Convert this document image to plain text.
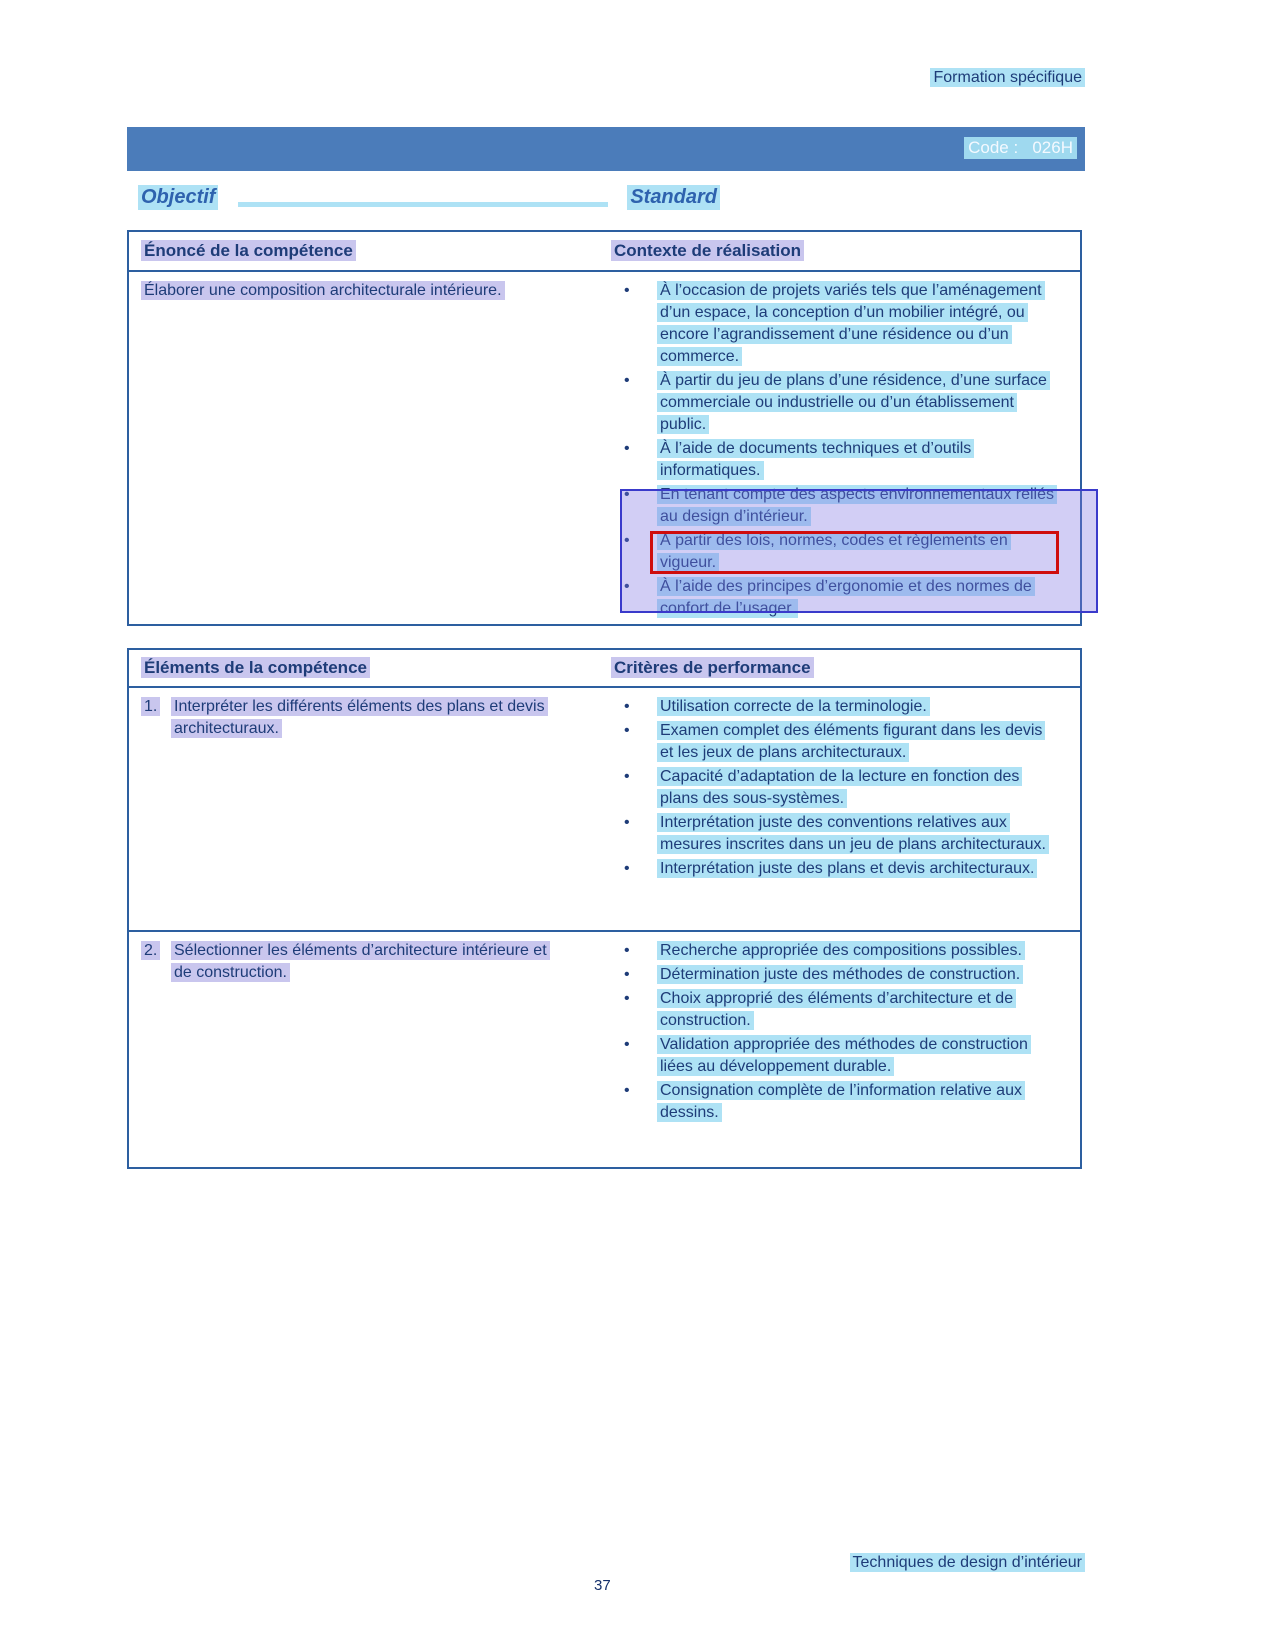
Formation spécifique
Code :   026H
Objectif	Standard
Énoncé de la compétence	Contexte de réalisation
Élaborer une composition architecturale intérieure.	•	À l’occasion de projets variés tels que l’aménagement d’un espace, la conception d’un mobilier intégré, ou encore l’agrandissement d’une résidence ou d’un commerce.
•	À partir du jeu de plans d’une résidence, d’une surface commerciale ou industrielle ou d’un établissement public.
•	À l’aide de documents techniques et d’outils informatiques.
•	En tenant compte des aspects environnementaux reliés au design d’intérieur.
•	À partir des lois, normes, codes et règlements en vigueur.
•	À l’aide des principes d’ergonomie et des normes de confort de l’usager.
Éléments de la compétence	Critères de performance
1.	Interpréter les différents éléments des plans et devis architecturaux.
•	Utilisation correcte de la terminologie.
•	Examen complet des éléments figurant dans les devis et les jeux de plans architecturaux.
•	Capacité d’adaptation de la lecture en fonction des plans des sous-systèmes.
•	Interprétation juste des conventions relatives aux mesures inscrites dans un jeu de plans architecturaux.
•	Interprétation juste des plans et devis architecturaux.
2.	Sélectionner les éléments d’architecture intérieure et de construction.
•	Recherche appropriée des compositions possibles.
•	Détermination juste des méthodes de construction.
•	Choix approprié des éléments d’architecture et de construction.
•	Validation appropriée des méthodes de construction liées au développement durable.
•	Consignation complète de l’information relative aux dessins.
Techniques de design d’intérieur
37
